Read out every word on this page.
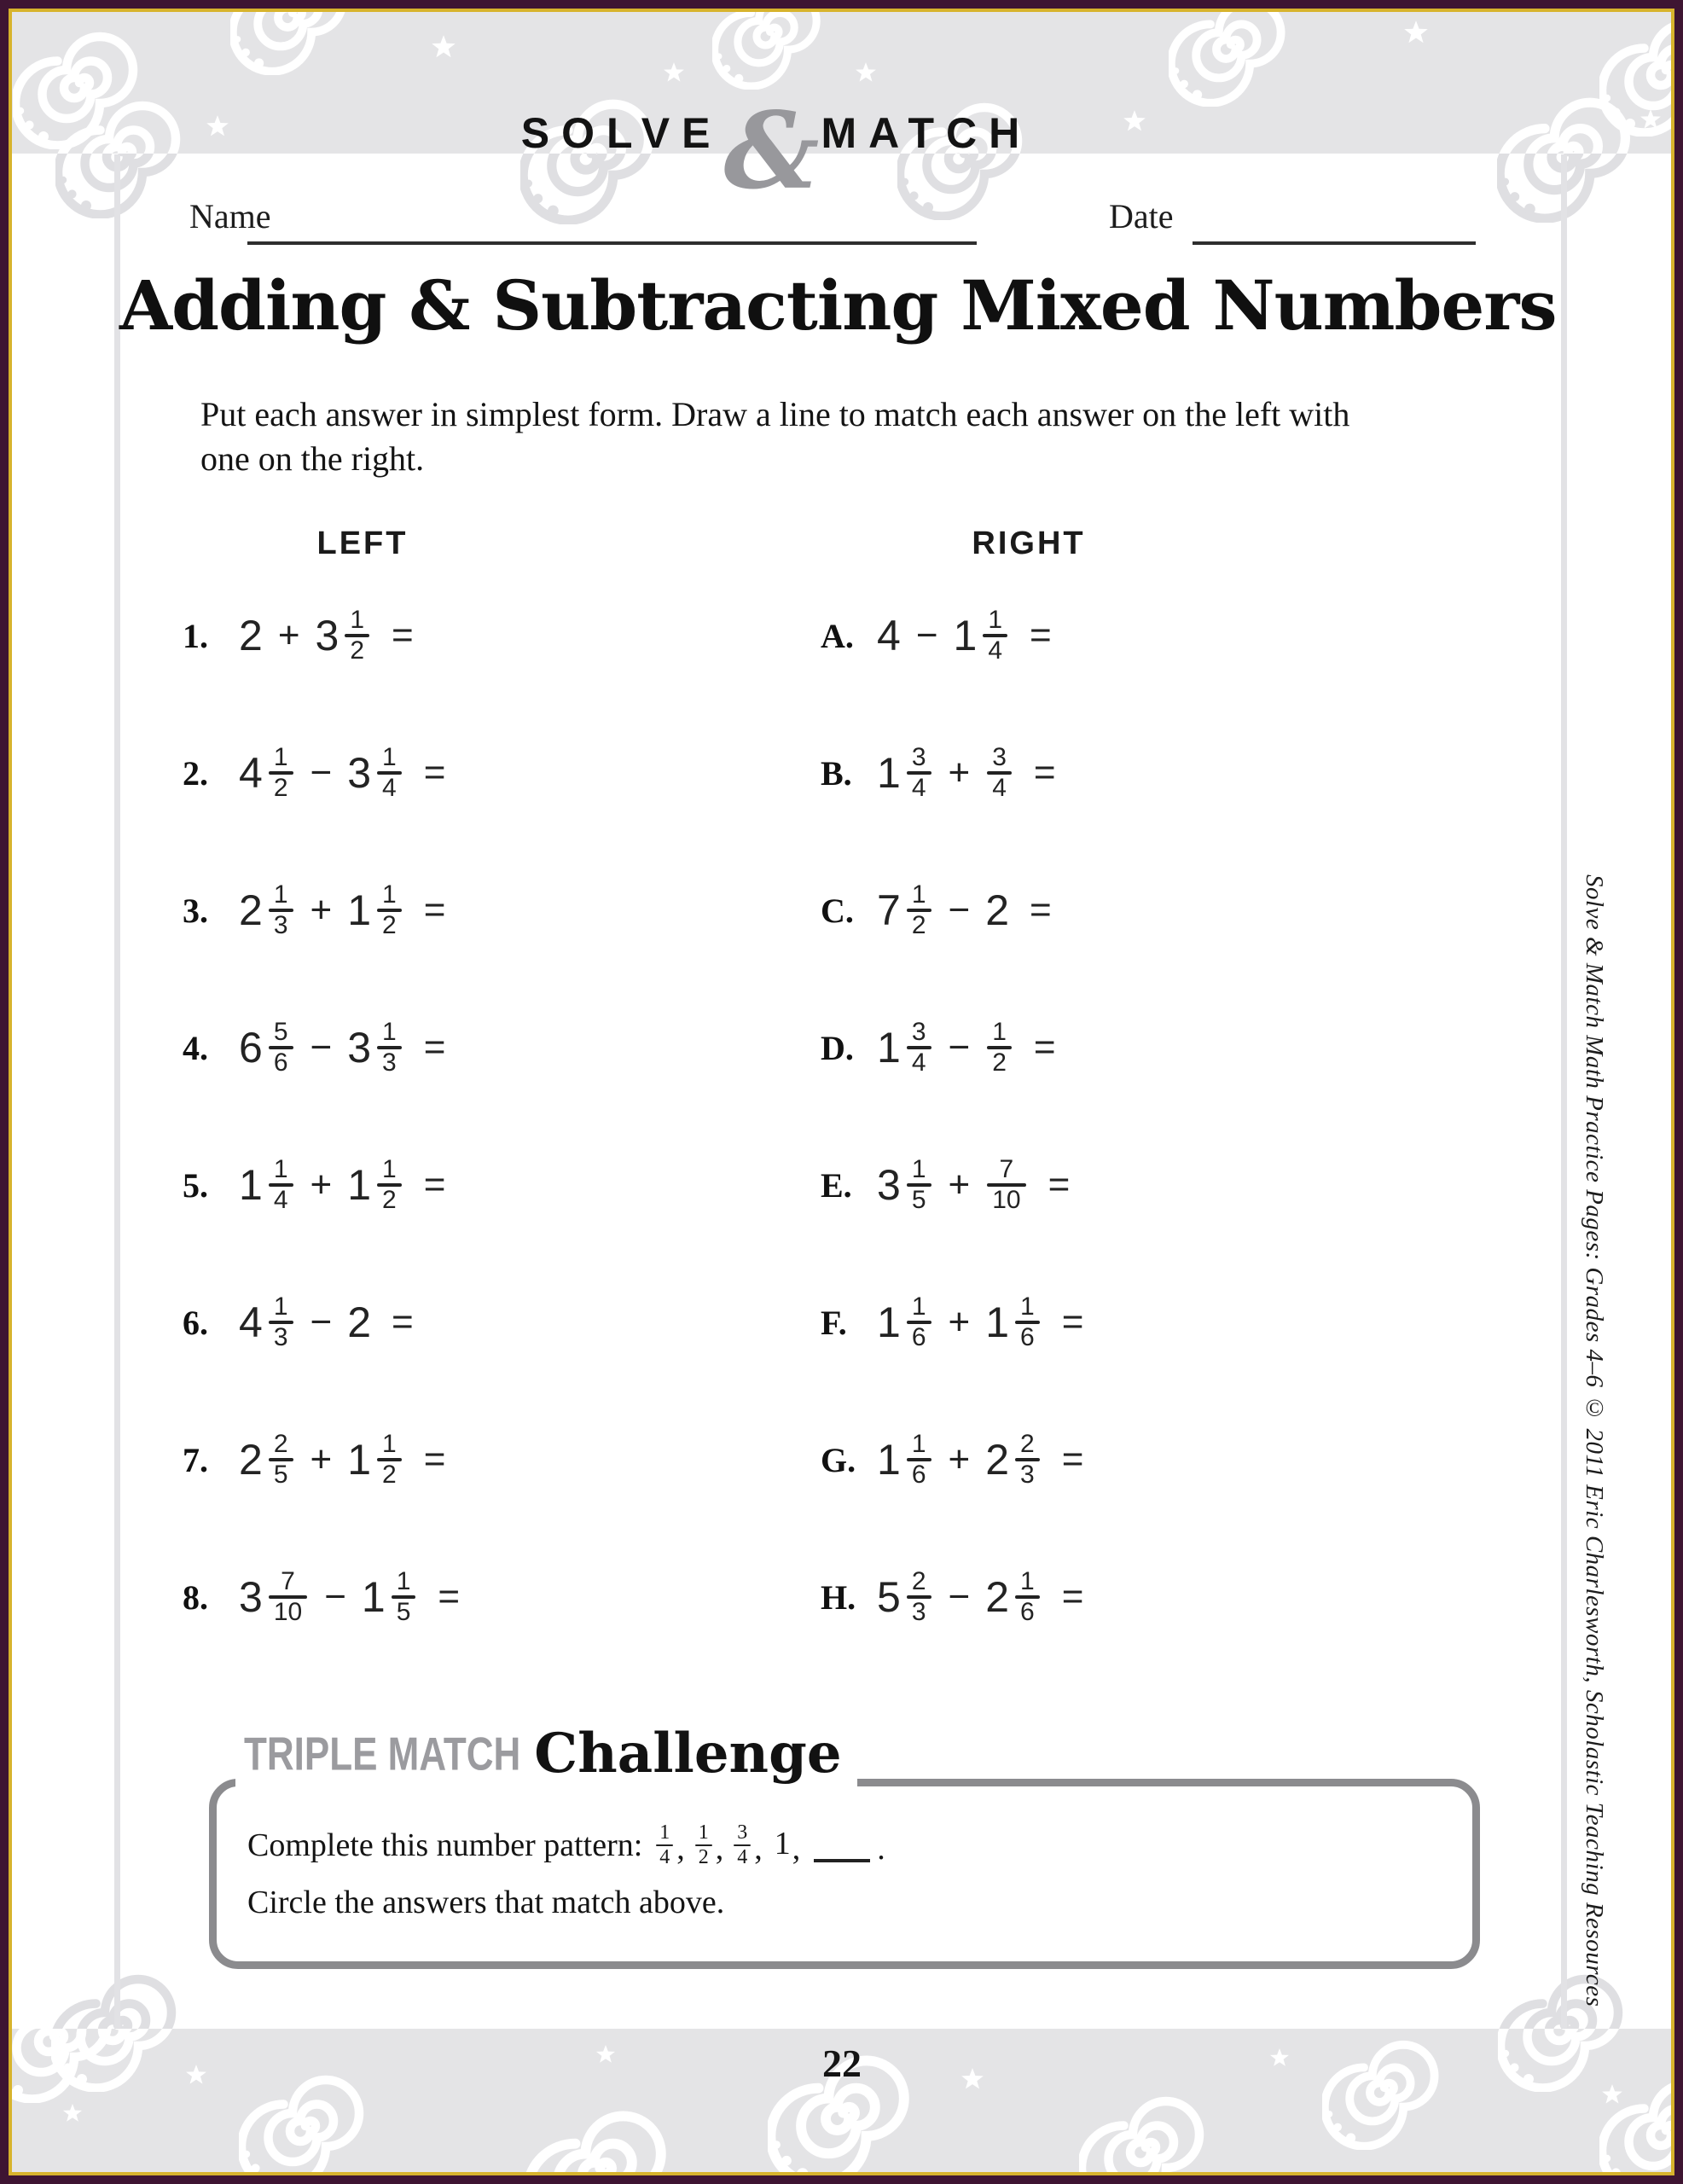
SOLVE & MATCH
Name	Date
Adding & Subtracting Mixed Numbers
Put each answer in simplest form. Draw a line to match each answer on the left with one on the right.
LEFT	RIGHT
1. $2 + 3 \frac{1}{2}$ =
2. $4 \frac{1}{2} - 3 \frac{1}{4}$ =
3. $2 \frac{1}{3} + 1 \frac{1}{2}$ =
4. $6 \frac{5}{6} - 3 \frac{1}{3}$ =
5. $1 \frac{1}{4} + 1 \frac{1}{2}$ =
6. $4 \frac{1}{3} - 2$ =
7. $2 \frac{2}{5} + 1 \frac{1}{2}$ =
8. $3 \frac{7}{10} - 1 \frac{1}{5}$ =
A. $4 - 1 \frac{1}{4}$ =
B. $1 \frac{3}{4} + \frac{3}{4}$ =
C. $7 \frac{1}{2} - 2$ =
D. $1 \frac{3}{4} - \frac{1}{2}$ =
E. $3 \frac{1}{5} + \frac{7}{10}$ =
F. $1 \frac{1}{6} + 1 \frac{1}{6}$ =
G. $1 \frac{1}{6} + 2 \frac{2}{3}$ =
H. $5 \frac{2}{3} - 2 \frac{1}{6}$ =
TRIPLE MATCH Challenge
Complete this number pattern: $\frac{1}{4}$ , $\frac{1}{2}$ , $\frac{3}{4}$ , 1 , .
Circle the answers that match above.
22
Solve & Match Math Practice Pages: Grades 4–6 © 2011 Eric Charlesworth, Scholastic Teaching Resources
